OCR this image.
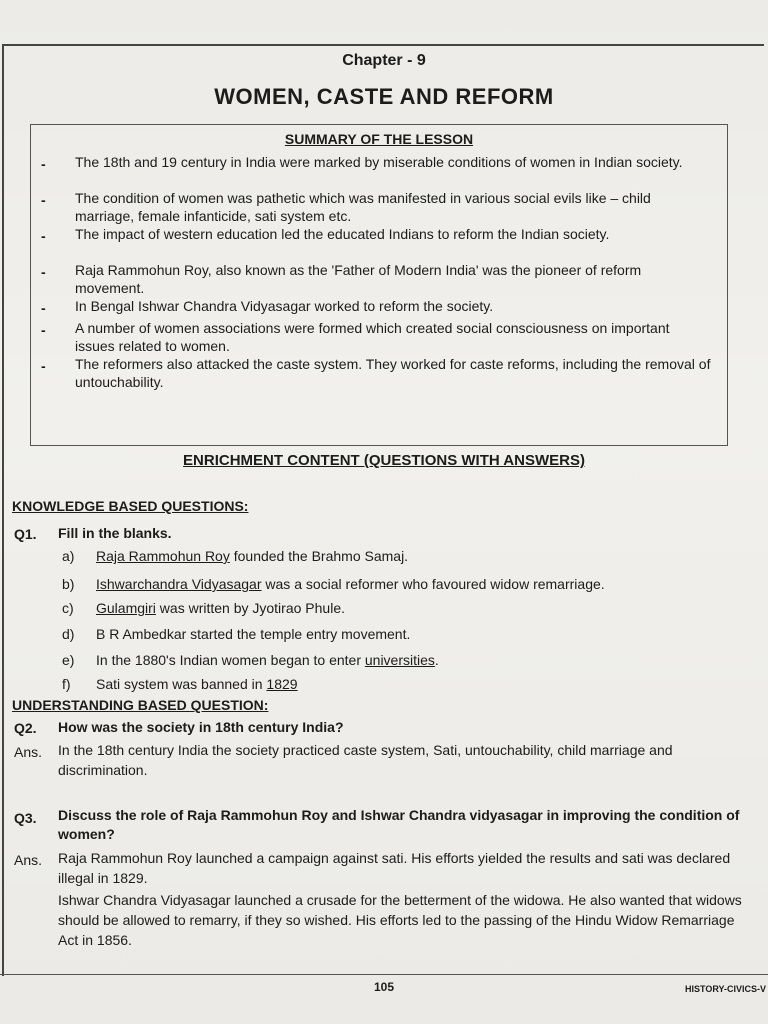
Chapter - 9
WOMEN, CASTE AND REFORM
SUMMARY OF THE LESSON
- The 18th and 19 century in India were marked by miserable conditions of women in Indian society.
- The condition of women was pathetic which was manifested in various social evils like – child marriage, female infanticide, sati system etc.
- The impact of western education led the educated Indians to reform the Indian society.
- Raja Rammohun Roy, also known as the 'Father of Modern India' was the pioneer of reform movement.
- In Bengal Ishwar Chandra Vidyasagar worked to reform the society.
- A number of women associations were formed which created social consciousness on important issues related to women.
- The reformers also attacked the caste system. They worked for caste reforms, including the removal of untouchability.
ENRICHMENT CONTENT (QUESTIONS WITH ANSWERS)
KNOWLEDGE BASED QUESTIONS:
Q1. Fill in the blanks.
a) Raja Rammohun Roy founded the Brahmo Samaj.
b) Ishwarchandra Vidyasagar was a social reformer who favoured widow remarriage.
c) Gulamgiri was written by Jyotirao Phule.
d) B R Ambedkar started the temple entry movement.
e) In the 1880's Indian women began to enter universities.
f) Sati system was banned in 1829
UNDERSTANDING BASED QUESTION:
Q2. How was the society in 18th century India?
Ans. In the 18th century India the society practiced caste system, Sati, untouchability, child marriage and discrimination.
Q3. Discuss the role of Raja Rammohun Roy and Ishwar Chandra vidyasagar in improving the condition of women?
Ans. Raja Rammohun Roy launched a campaign against sati. His efforts yielded the results and sati was declared illegal in 1829.
Ishwar Chandra Vidyasagar launched a crusade for the betterment of the widowa. He also wanted that widows should be allowed to remarry, if they so wished. His efforts led to the passing of the Hindu Widow Remarriage Act in 1856.
105	HISTORY-CIVICS-V
